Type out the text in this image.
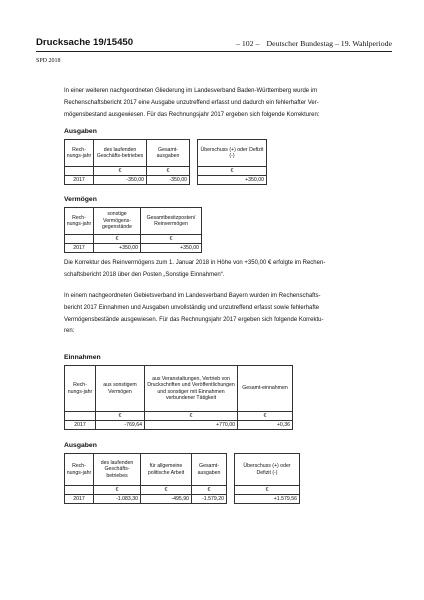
Drucksache 19/15450	– 102 – Deutscher Bundestag – 19. Wahlperiode
SPD 2018

In einer weiteren nachgeordneten Gliederung im Landesverband Baden-Württemberg wurde im
Rechenschaftsbericht 2017 eine Ausgabe unzutreffend erfasst und dadurch ein fehlerhafter Ver-
mögensbestand ausgewiesen. Für das Rechnungsjahr 2017 ergeben sich folgende Korrekturen:

Ausgaben
Rech-nungs-jahr	des laufenden Geschäfts-betriebes	Gesamt-ausgaben		Überschuss (+) oder Defizit (-)
	€	€		€
2017	-350,00	-350,00		+350,00
Vermögen
Rech-nungs-jahr	sonstige Vermögens-gegenstände	Gesamtbesitzposten/ Reinvermögen
	€	€
2017	+350,00	+350,00

Die Korrektur des Reinvermögens zum 1. Januar 2018 in Höhe von +350,00 € erfolgte im Rechen-
schaftsbericht 2018 über den Posten „Sonstige Einnahmen“.

In einem nachgeordneten Gebietsverband im Landesverband Bayern wurden im Rechenschafts-
bericht 2017 Einnahmen und Ausgaben unvollständig und unzutreffend erfasst sowie fehlerhafte
Vermögensbestände ausgewiesen. Für das Rechnungsjahr 2017 ergeben sich folgende Korrektu-
ren:

Einnahmen
Rech-nungs-jahr	aus sonstigem Vermögen	aus Veranstaltungen, Vertrieb von Druckschriften und Veröffentlichungen und sonstiger mit Einnahmen verbundener Tätigkeit	Gesamt-einnahmen
	€	€	€
2017	-769,64	+770,00	+0,36
Ausgaben
Rech-nungs-jahr	des laufenden Geschäfts-betriebes	für allgemeine politische Arbeit	Gesamt-ausgaben		Überschuss (+) oder Defizit (-)
	€	€	€		€
2017	-1.083,30	-495,90	-1.579,20		+1.579,56
